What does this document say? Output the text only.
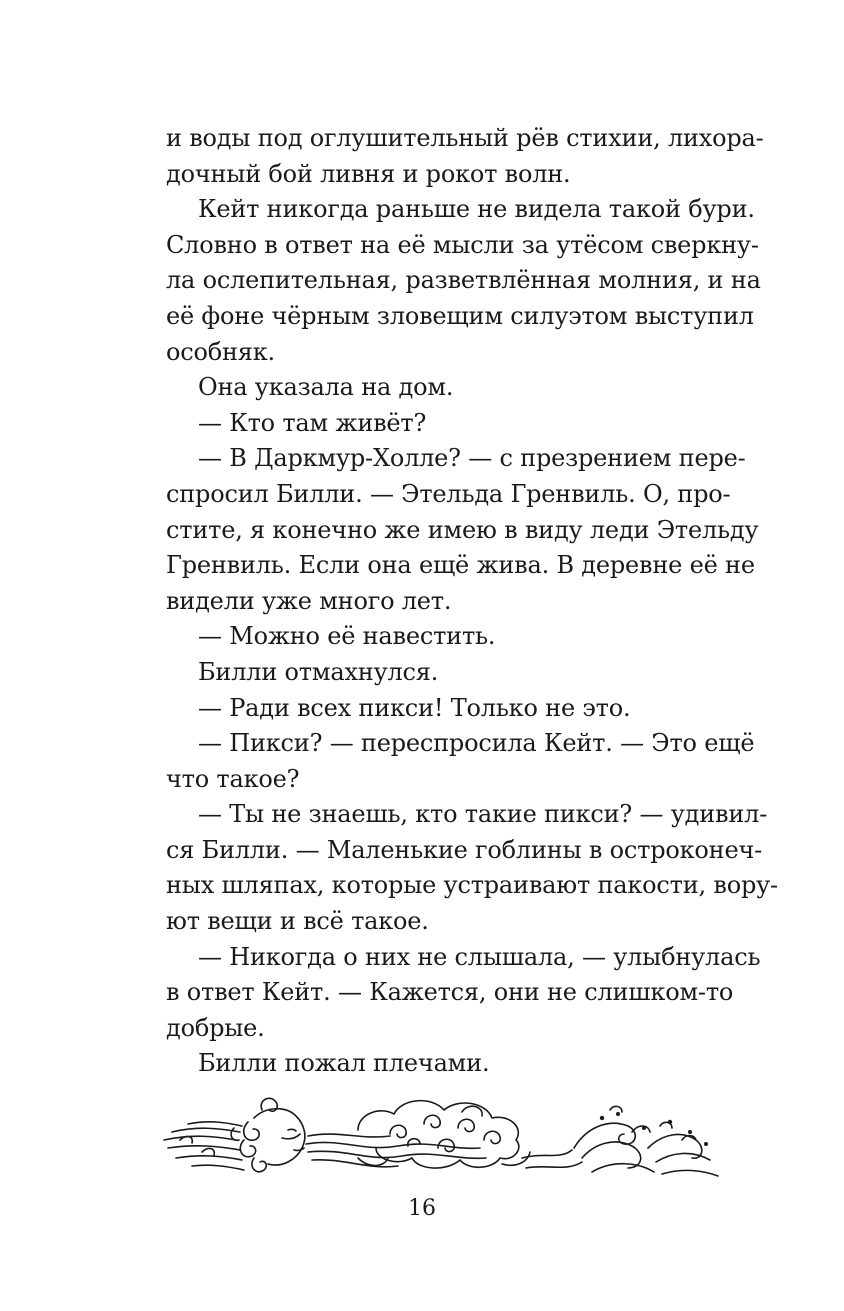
и воды под оглушительный рёв стихии, лихора-
дочный бой ливня и рокот волн.
Кейт никогда раньше не видела такой бури.
Словно в ответ на её мысли за утёсом сверкну-
ла ослепительная, разветвлённая молния, и на
её фоне чёрным зловещим силуэтом выступил
особняк.
Она указала на дом.
— Кто там живёт?
— В Даркмур-Холле? — с презрением пере-
спросил Билли. — Этельда Гренвиль. О, про-
стите, я конечно же имею в виду леди Этельду
Гренвиль. Если она ещё жива. В деревне её не
видели уже много лет.
— Можно её навестить.
Билли отмахнулся.
— Ради всех пикси! Только не это.
— Пикси? — переспросила Кейт. — Это ещё
что такое?
— Ты не знаешь, кто такие пикси? — удивил-
ся Билли. — Маленькие гоблины в остроконеч-
ных шляпах, которые устраивают пакости, вору-
ют вещи и всё такое.
— Никогда о них не слышала, — улыбнулась
в ответ Кейт. — Кажется, они не слишком-то
добрые.
Билли пожал плечами.
16
